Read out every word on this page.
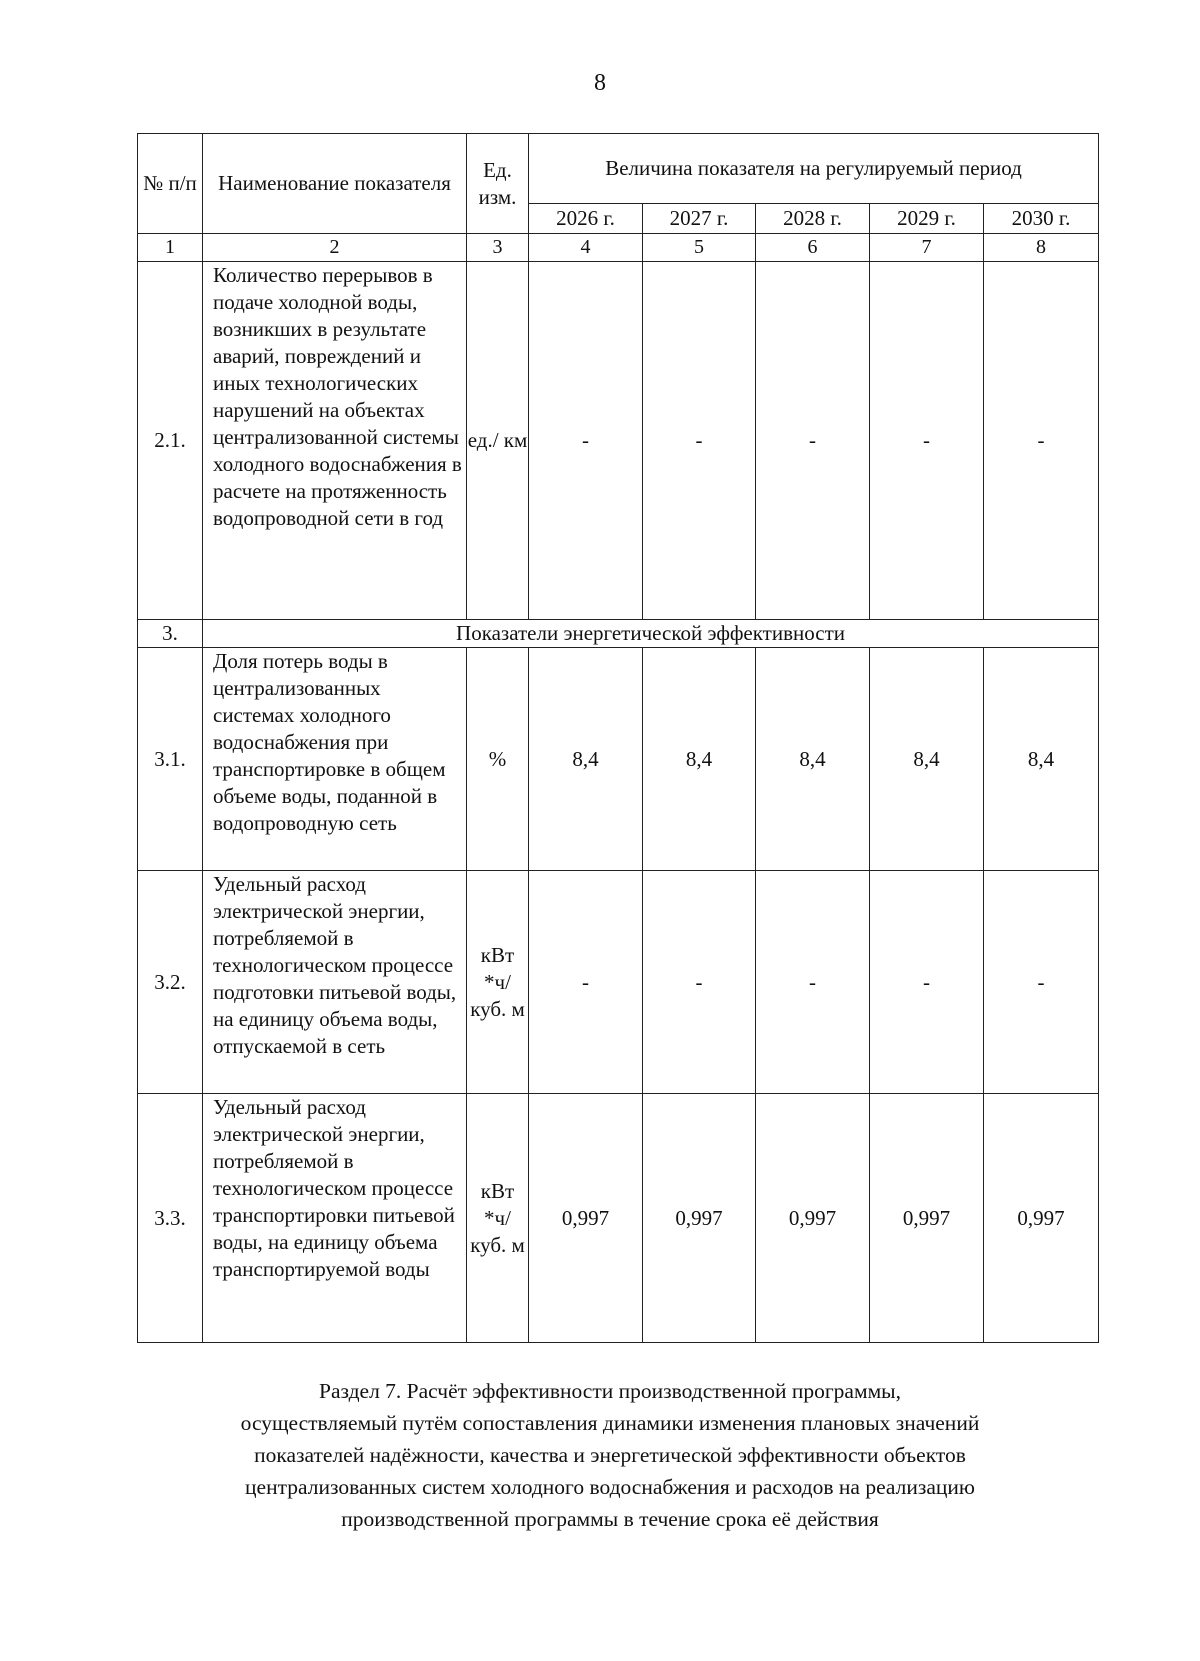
8
№ п/п	Наименование показателя	Ед. изм.	Величина показателя на регулируемый период				
			2026 г.	2027 г.	2028 г.	2029 г.	2030 г.
1	2	3	4	5	6	7	8
2.1.	Количество перерывов в подаче холодной воды, возникших в результате аварий, повреждений и иных технологических нарушений на объектах централизованной системы холодного водоснабжения в расчете на протяженность водопроводной сети в год	ед./ км	-	-	-	-	-
3.	Показатели энергетической эффективности						
3.1.	Доля потерь воды в централизованных системах холодного водоснабжения при транспортировке в общем объеме воды, поданной в водопроводную сеть	%	8,4	8,4	8,4	8,4	8,4
3.2.	Удельный расход электрической энергии, потребляемой в технологическом процессе подготовки питьевой воды, на единицу объема воды, отпускаемой в сеть	кВт *ч/ куб. м	-	-	-	-	-
3.3.	Удельный расход электрической энергии, потребляемой в технологическом процессе транспортировки питьевой воды, на единицу объема транспортируемой воды	кВт *ч/ куб. м	0,997	0,997	0,997	0,997	0,997
Раздел 7. Расчёт эффективности производственной программы,
осуществляемый путём сопоставления динамики изменения плановых значений
показателей надёжности, качества и энергетической эффективности объектов
централизованных систем холодного водоснабжения и расходов на реализацию
производственной программы в течение срока её действия
